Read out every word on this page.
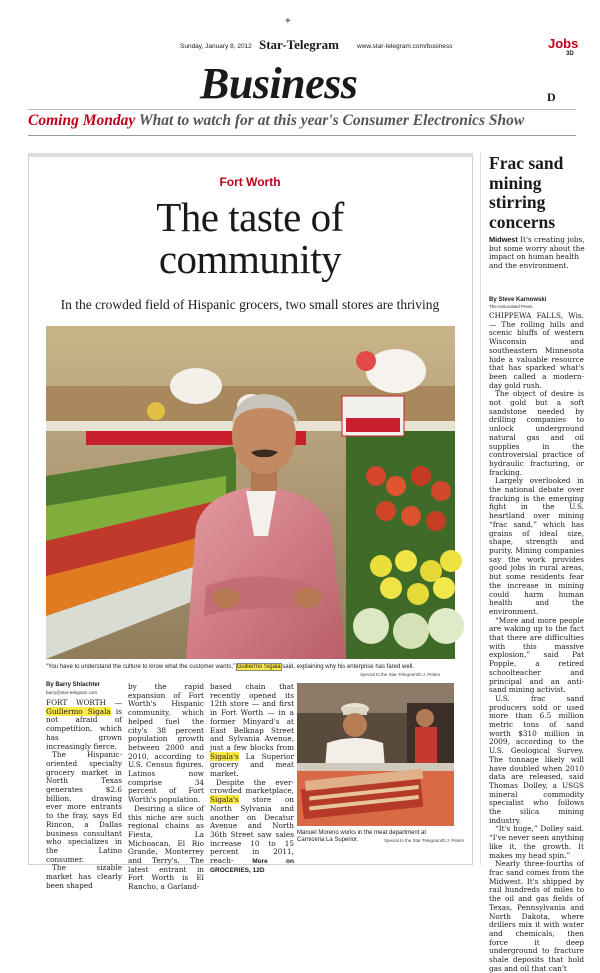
+
Sunday, January 8, 2012 Star-Telegram	www.star-telegram.com/business	Jobs
3D
Business	D
Coming Monday What to watch for at this year's Consumer Electronics Show
Fort Worth
The taste of
community
In the crowded field of Hispanic grocers, two small stores are thriving
“You have to understand the culture to know what the customer wants,” Guillermo Sigala said, explaining why his enterprise has fared well.
Special to the Star-Telegram/D.J. Peters
By Barry Shlachter
barry@star-telegram.com

FORT WORTH — Guillermo Sigala is not afraid of competition, which has grown increasingly fierce.

The Hispanic-oriented specialty grocery market in North Texas generates $2.6 billion, drawing ever more entrants to the fray, says Ed Rincon, a Dallas business consultant who specializes in the Latino consumer.

The sizable market has clearly been shaped

by the rapid expansion of Fort Worth's Hispanic community, which helped fuel the city's 38 percent population growth between 2000 and 2010, according to U.S. Census figures. Latinos now comprise 34 percent of Fort Worth's population.

Desiring a slice of this niche are such regional chains as Fiesta, La Michoacan, El Rio Grande, Monterrey and Terry's. The latest entrant in Fort Worth is El Rancho, a Garland-

based chain that recently opened its 12th store — and first in Fort Worth — in a former Minyard's at East Belknap Street and Sylvania Avenue, just a few blocks from Sigala's La Superior grocery and meat market.

Despite the ever-crowded marketplace, Sigala's store on North Sylvania and another on Decatur Avenue and North 36th Street saw sales increase 10 to 15 percent in 2011, reach-	More on GROCERIES, 12D

Manuel Moreno works in the meat department at Carniceria La Superior.	Special to the Star-Telegram/D.J. Peters
Frac sand mining stirring concerns
Midwest It's creating jobs, but some worry about the impact on human health and the environment.
By Steve Karnowski
The Associated Press

CHIPPEWA FALLS, Wis. — The rolling hills and scenic bluffs of western Wisconsin and southeastern Minnesota hide a valuable resource that has sparked what's been called a modern-day gold rush.

The object of desire is not gold but a soft sandstone needed by drilling companies to unlock underground natural gas and oil supplies in the controversial practice of hydraulic fracturing, or fracking.

Largely overlooked in the national debate over fracking is the emerging fight in the U.S. heartland over mining “frac sand,” which has grains of ideal size, shape, strength and purity. Mining companies say the work provides good jobs in rural areas, but some residents fear the increase in mining could harm human health and the environment.

“More and more people are waking up to the fact that there are difficulties with this massive explosion,” said Pat Popple, a retired schoolteacher and principal and an anti-sand mining activist.

U.S. frac sand producers sold or used more than 6.5 million metric tons of sand worth $310 million in 2009, according to the U.S. Geological Survey. The tonnage likely will have doubled when 2010 data are released, said Thomas Dolley, a USGS mineral commodity specialist who follows the silica mining industry.

“It's huge,” Dolley said. “I've never seen anything like it, the growth. It makes my head spin.”

Nearly three-fourths of frac sand comes from the Midwest. It's shipped by rail hundreds of miles to the oil and gas fields of Texas, Pennsylvania and North Dakota, where drillers mix it with water and chemicals, then force it deep underground to fracture shale deposits that hold gas and oil that can't
